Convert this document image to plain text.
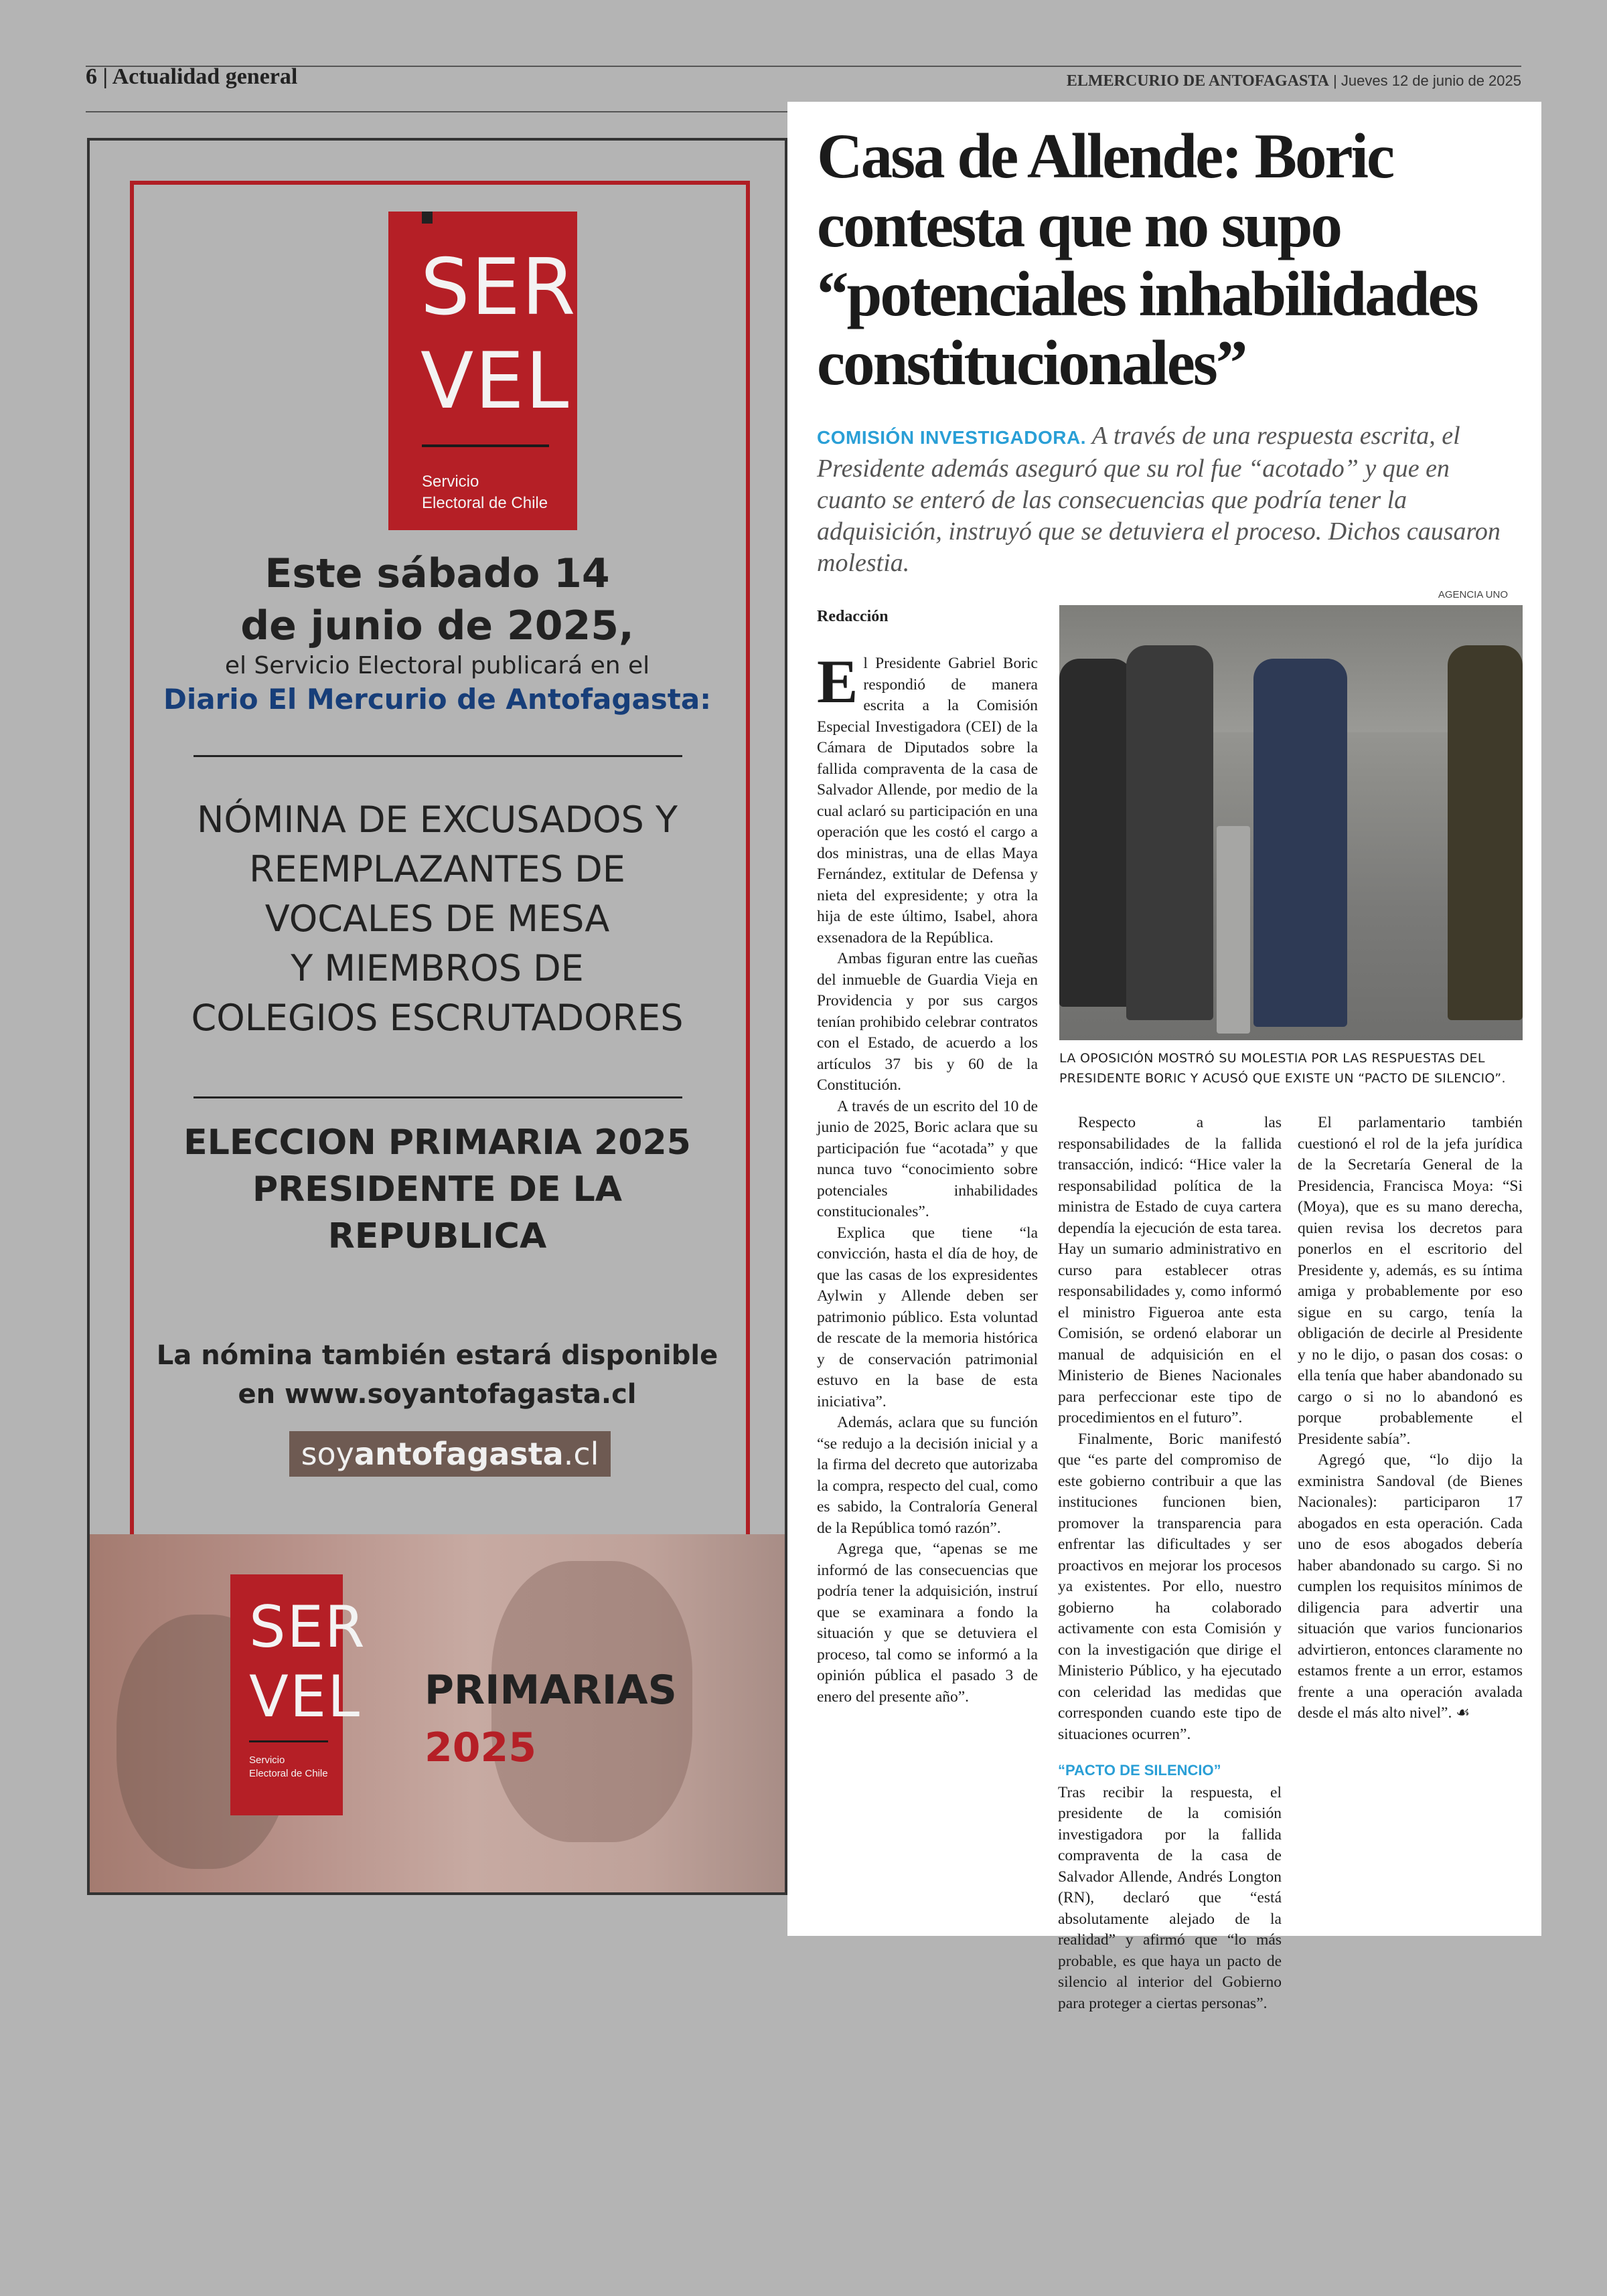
6 | Actualidad general	ELMERCURIO DE ANTOFAGASTA | Jueves 12 de junio de 2025
SER
VEL
Servicio
Electoral de Chile
Este sábado 14
de junio de 2025,
el Servicio Electoral publicará en el
Diario El Mercurio de Antofagasta:
NÓMINA DE EXCUSADOS Y
REEMPLAZANTES DE
VOCALES DE MESA
Y MIEMBROS DE
COLEGIOS ESCRUTADORES
ELECCION PRIMARIA 2025
PRESIDENTE DE LA
REPUBLICA
La nómina también estará disponible
en www.soyantofagasta.cl
soyantofagasta.cl
SER
VEL
Servicio
Electoral de Chile
PRIMARIAS
2025
Casa de Allende: Boric contesta que no supo “potenciales inhabilidades constitucionales”
COMISIÓN INVESTIGADORA. A través de una respuesta escrita, el Presidente además aseguró que su rol fue “acotado” y que en cuanto se enteró de las consecuencias que podría tener la adquisición, instruyó que se detuviera el proceso. Dichos causaron molestia.
AGENCIA UNO
LA OPOSICIÓN MOSTRÓ SU MOLESTIA POR LAS RESPUESTAS DEL PRESIDENTE BORIC Y ACUSÓ QUE EXISTE UN “PACTO DE SILENCIO”.
Redacción

El Presidente Gabriel Boric respondió de manera escrita a la Comisión Especial Investigadora (CEI) de la Cámara de Diputados sobre la fallida compraventa de la casa de Salvador Allende, por medio de la cual aclaró su participación en una operación que les costó el cargo a dos ministras, una de ellas Maya Fernández, extitular de Defensa y nieta del expresidente; y otra la hija de este último, Isabel, ahora exsenadora de la República.

Ambas figuran entre las cueñas del inmueble de Guardia Vieja en Providencia y por sus cargos tenían prohibido celebrar contratos con el Estado, de acuerdo a los artículos 37 bis y 60 de la Constitución.

A través de un escrito del 10 de junio de 2025, Boric aclara que su participación fue “acotada” y que nunca tuvo “conocimiento sobre potenciales inhabilidades constitucionales”.

Explica que tiene “la convicción, hasta el día de hoy, de que las casas de los expresidentes Aylwin y Allende deben ser patrimonio público. Esta voluntad de rescate de la memoria histórica y de conservación patrimonial estuvo en la base de esta iniciativa”.

Además, aclara que su función “se redujo a la decisión inicial y a la firma del decreto que autorizaba la compra, respecto del cual, como es sabido, la Contraloría General de la República tomó razón”.

Agrega que, “apenas se me informó de las consecuencias que podría tener la adquisición, instruí que se examinara a fondo la situación y que se detuviera el proceso, tal como se informó a la opinión pública el pasado 3 de enero del presente año”.

Respecto a las responsabilidades de la fallida transacción, indicó: “Hice valer la responsabilidad política de la ministra de Estado de cuya cartera dependía la ejecución de esta tarea. Hay un sumario administrativo en curso para establecer otras responsabilidades y, como informó el ministro Figueroa ante esta Comisión, se ordenó elaborar un manual de adquisición en el Ministerio de Bienes Nacionales para perfeccionar este tipo de procedimientos en el futuro”.

Finalmente, Boric manifestó que “es parte del compromiso de este gobierno contribuir a que las instituciones funcionen bien, promover la transparencia para enfrentar las dificultades y ser proactivos en mejorar los procesos ya existentes. Por ello, nuestro gobierno ha colaborado activamente con esta Comisión y con la investigación que dirige el Ministerio Público, y ha ejecutado con celeridad las medidas que corresponden cuando este tipo de situaciones ocurren”.

“PACTO DE SILENCIO”

Tras recibir la respuesta, el presidente de la comisión investigadora por la fallida compraventa de la casa de Salvador Allende, Andrés Longton (RN), declaró que “está absolutamente alejado de la realidad” y afirmó que “lo más probable, es que haya un pacto de silencio al interior del Gobierno para proteger a ciertas personas”.

El parlamentario también cuestionó el rol de la jefa jurídica de la Secretaría General de la Presidencia, Francisca Moya: “Si (Moya), que es su mano derecha, quien revisa los decretos para ponerlos en el escritorio del Presidente y, además, es su íntima amiga y probablemente por eso sigue en su cargo, tenía la obligación de decirle al Presidente y no le dijo, o pasan dos cosas: o ella tenía que haber abandonado su cargo o si no lo abandonó es porque probablemente el Presidente sabía”.

Agregó que, “lo dijo la exministra Sandoval (de Bienes Nacionales): participaron 17 abogados en esta operación. Cada uno de esos abogados debería haber abandonado su cargo. Si no cumplen los requisitos mínimos de diligencia para advertir una situación que varios funcionarios advirtieron, entonces claramente no estamos frente a un error, estamos frente a una operación avalada desde el más alto nivel”. ☙
